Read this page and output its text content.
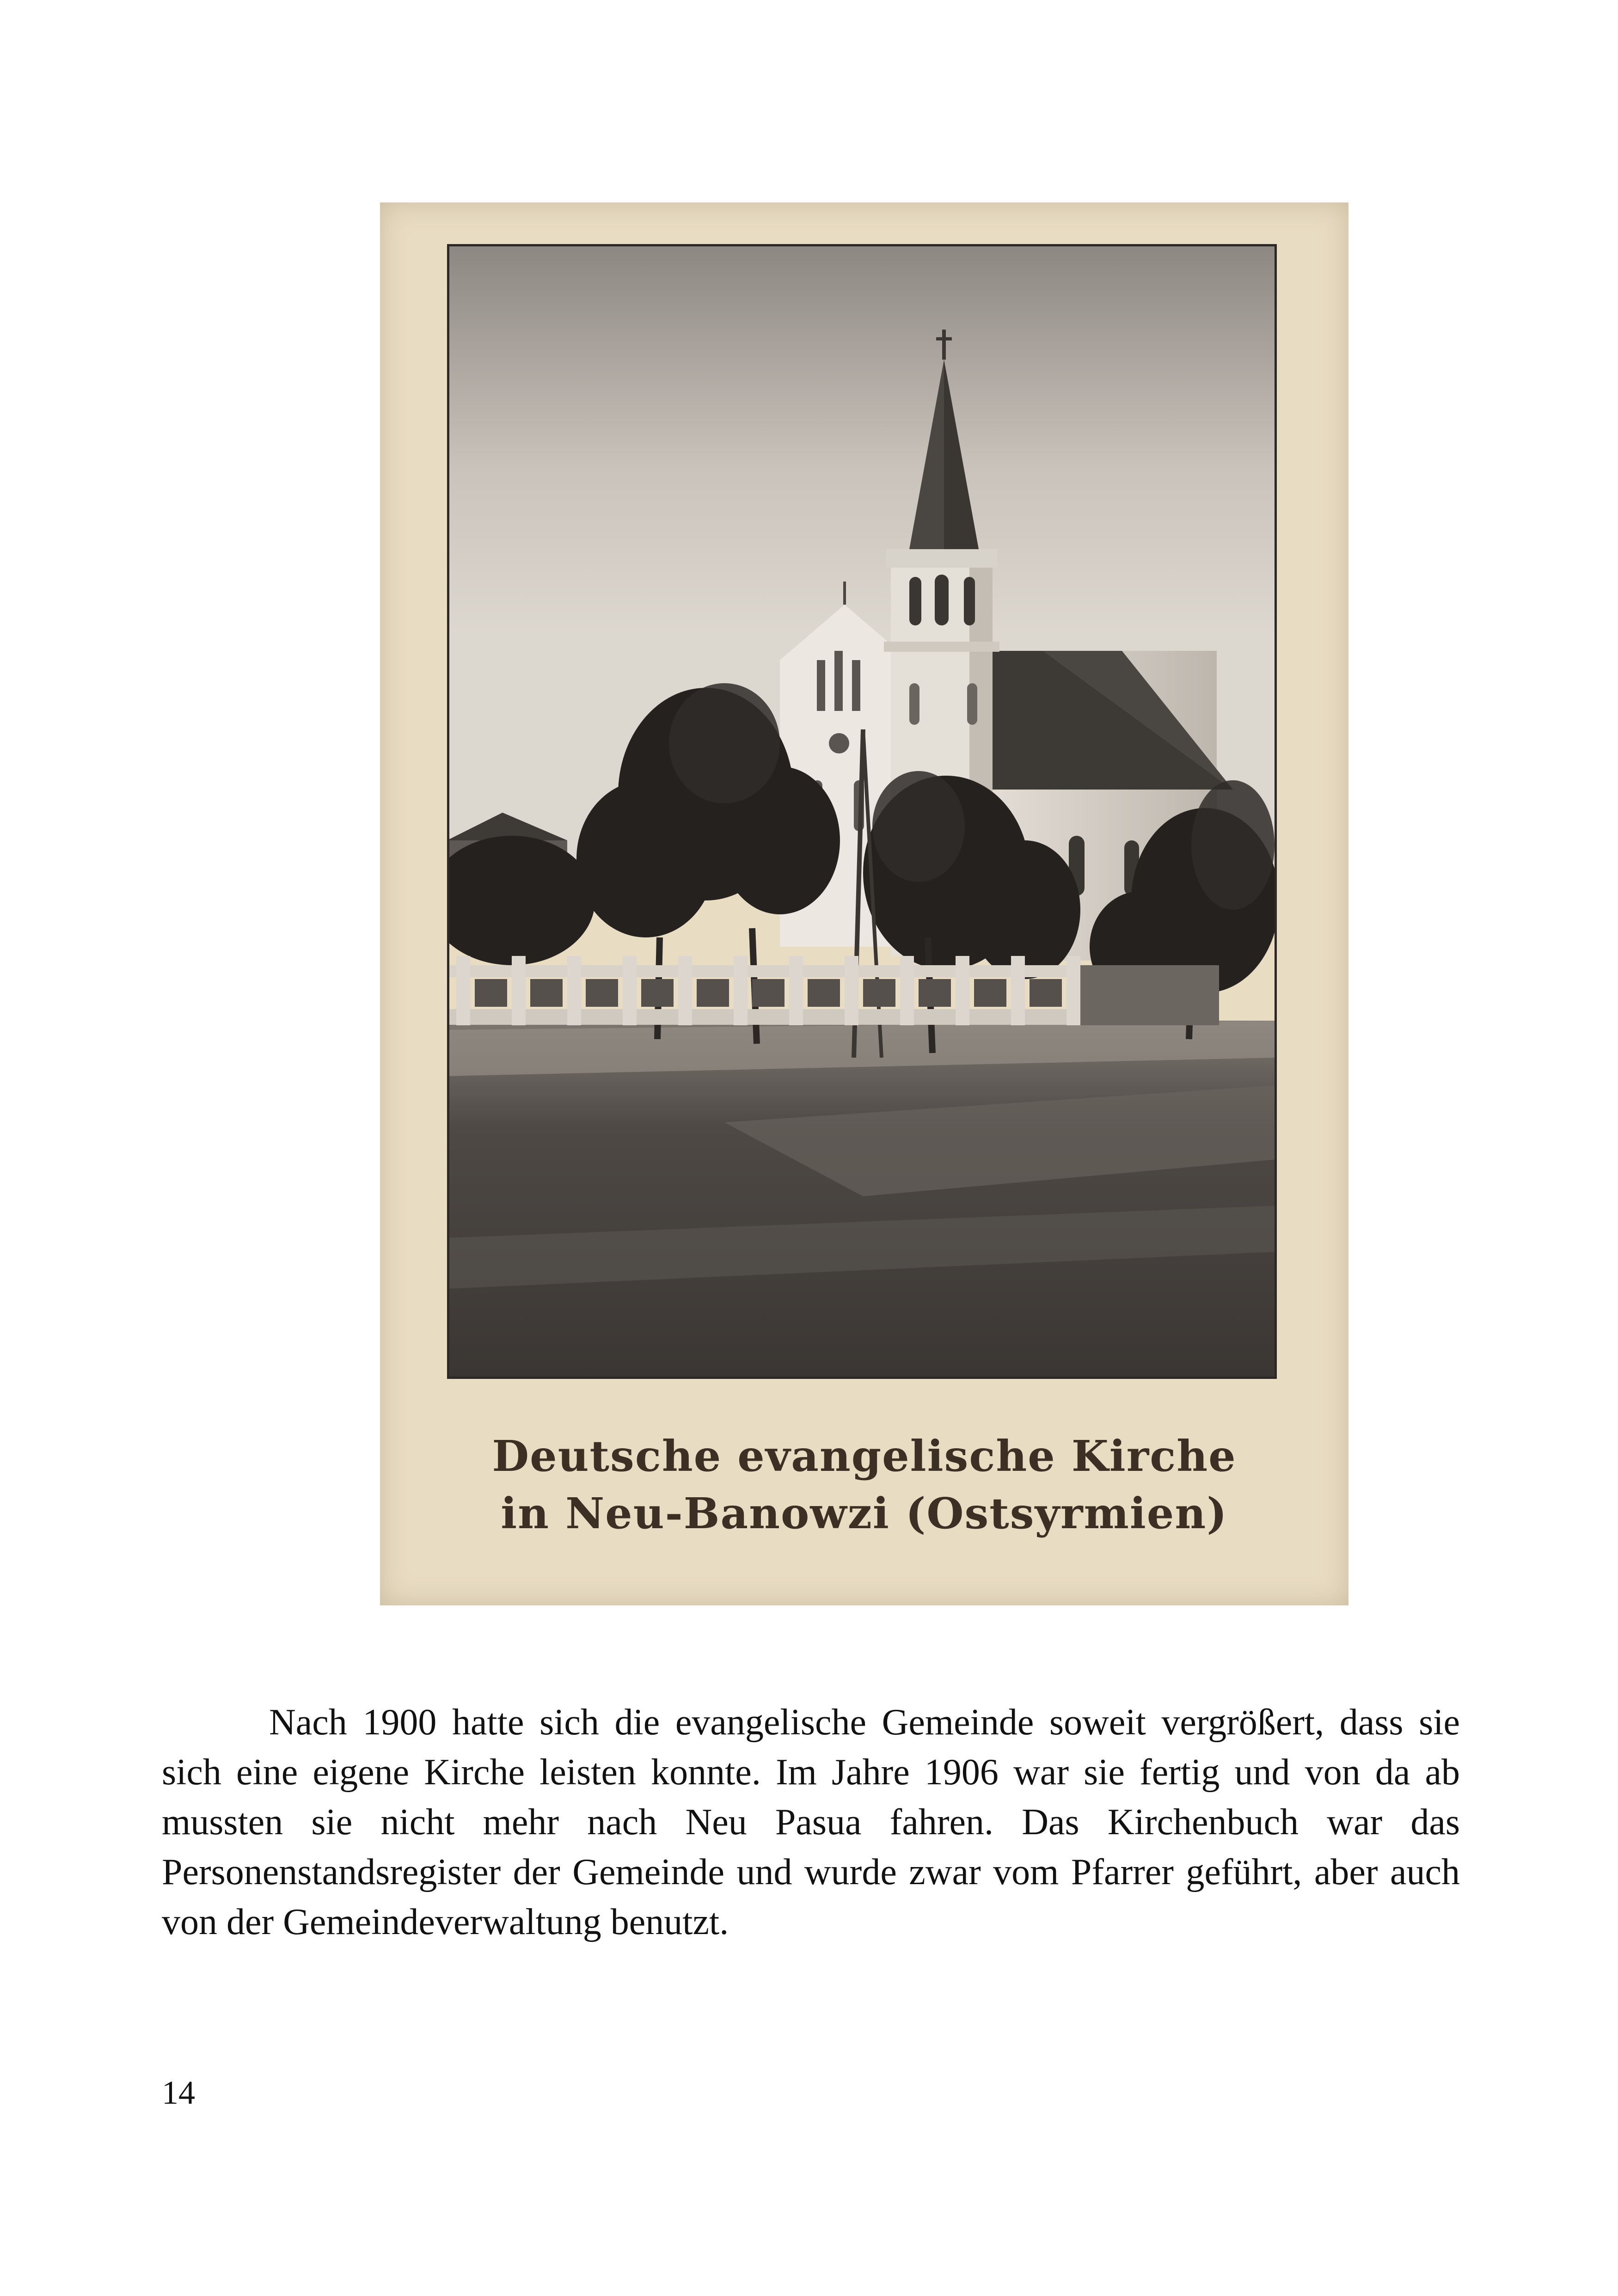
Deutsche evangelische Kirche
in Neu-Banowzi (Ostsyrmien)

Nach 1900 hatte sich die evangelische Gemeinde soweit vergrößert, dass sie sich eine eigene Kirche leisten konnte. Im Jahre 1906 war sie fertig und von da ab mussten sie nicht mehr nach Neu Pasua fahren. Das Kirchenbuch war das Personenstandsregister der Gemeinde und wurde zwar vom Pfarrer geführt, aber auch von der Gemeindeverwaltung benutzt.

14
